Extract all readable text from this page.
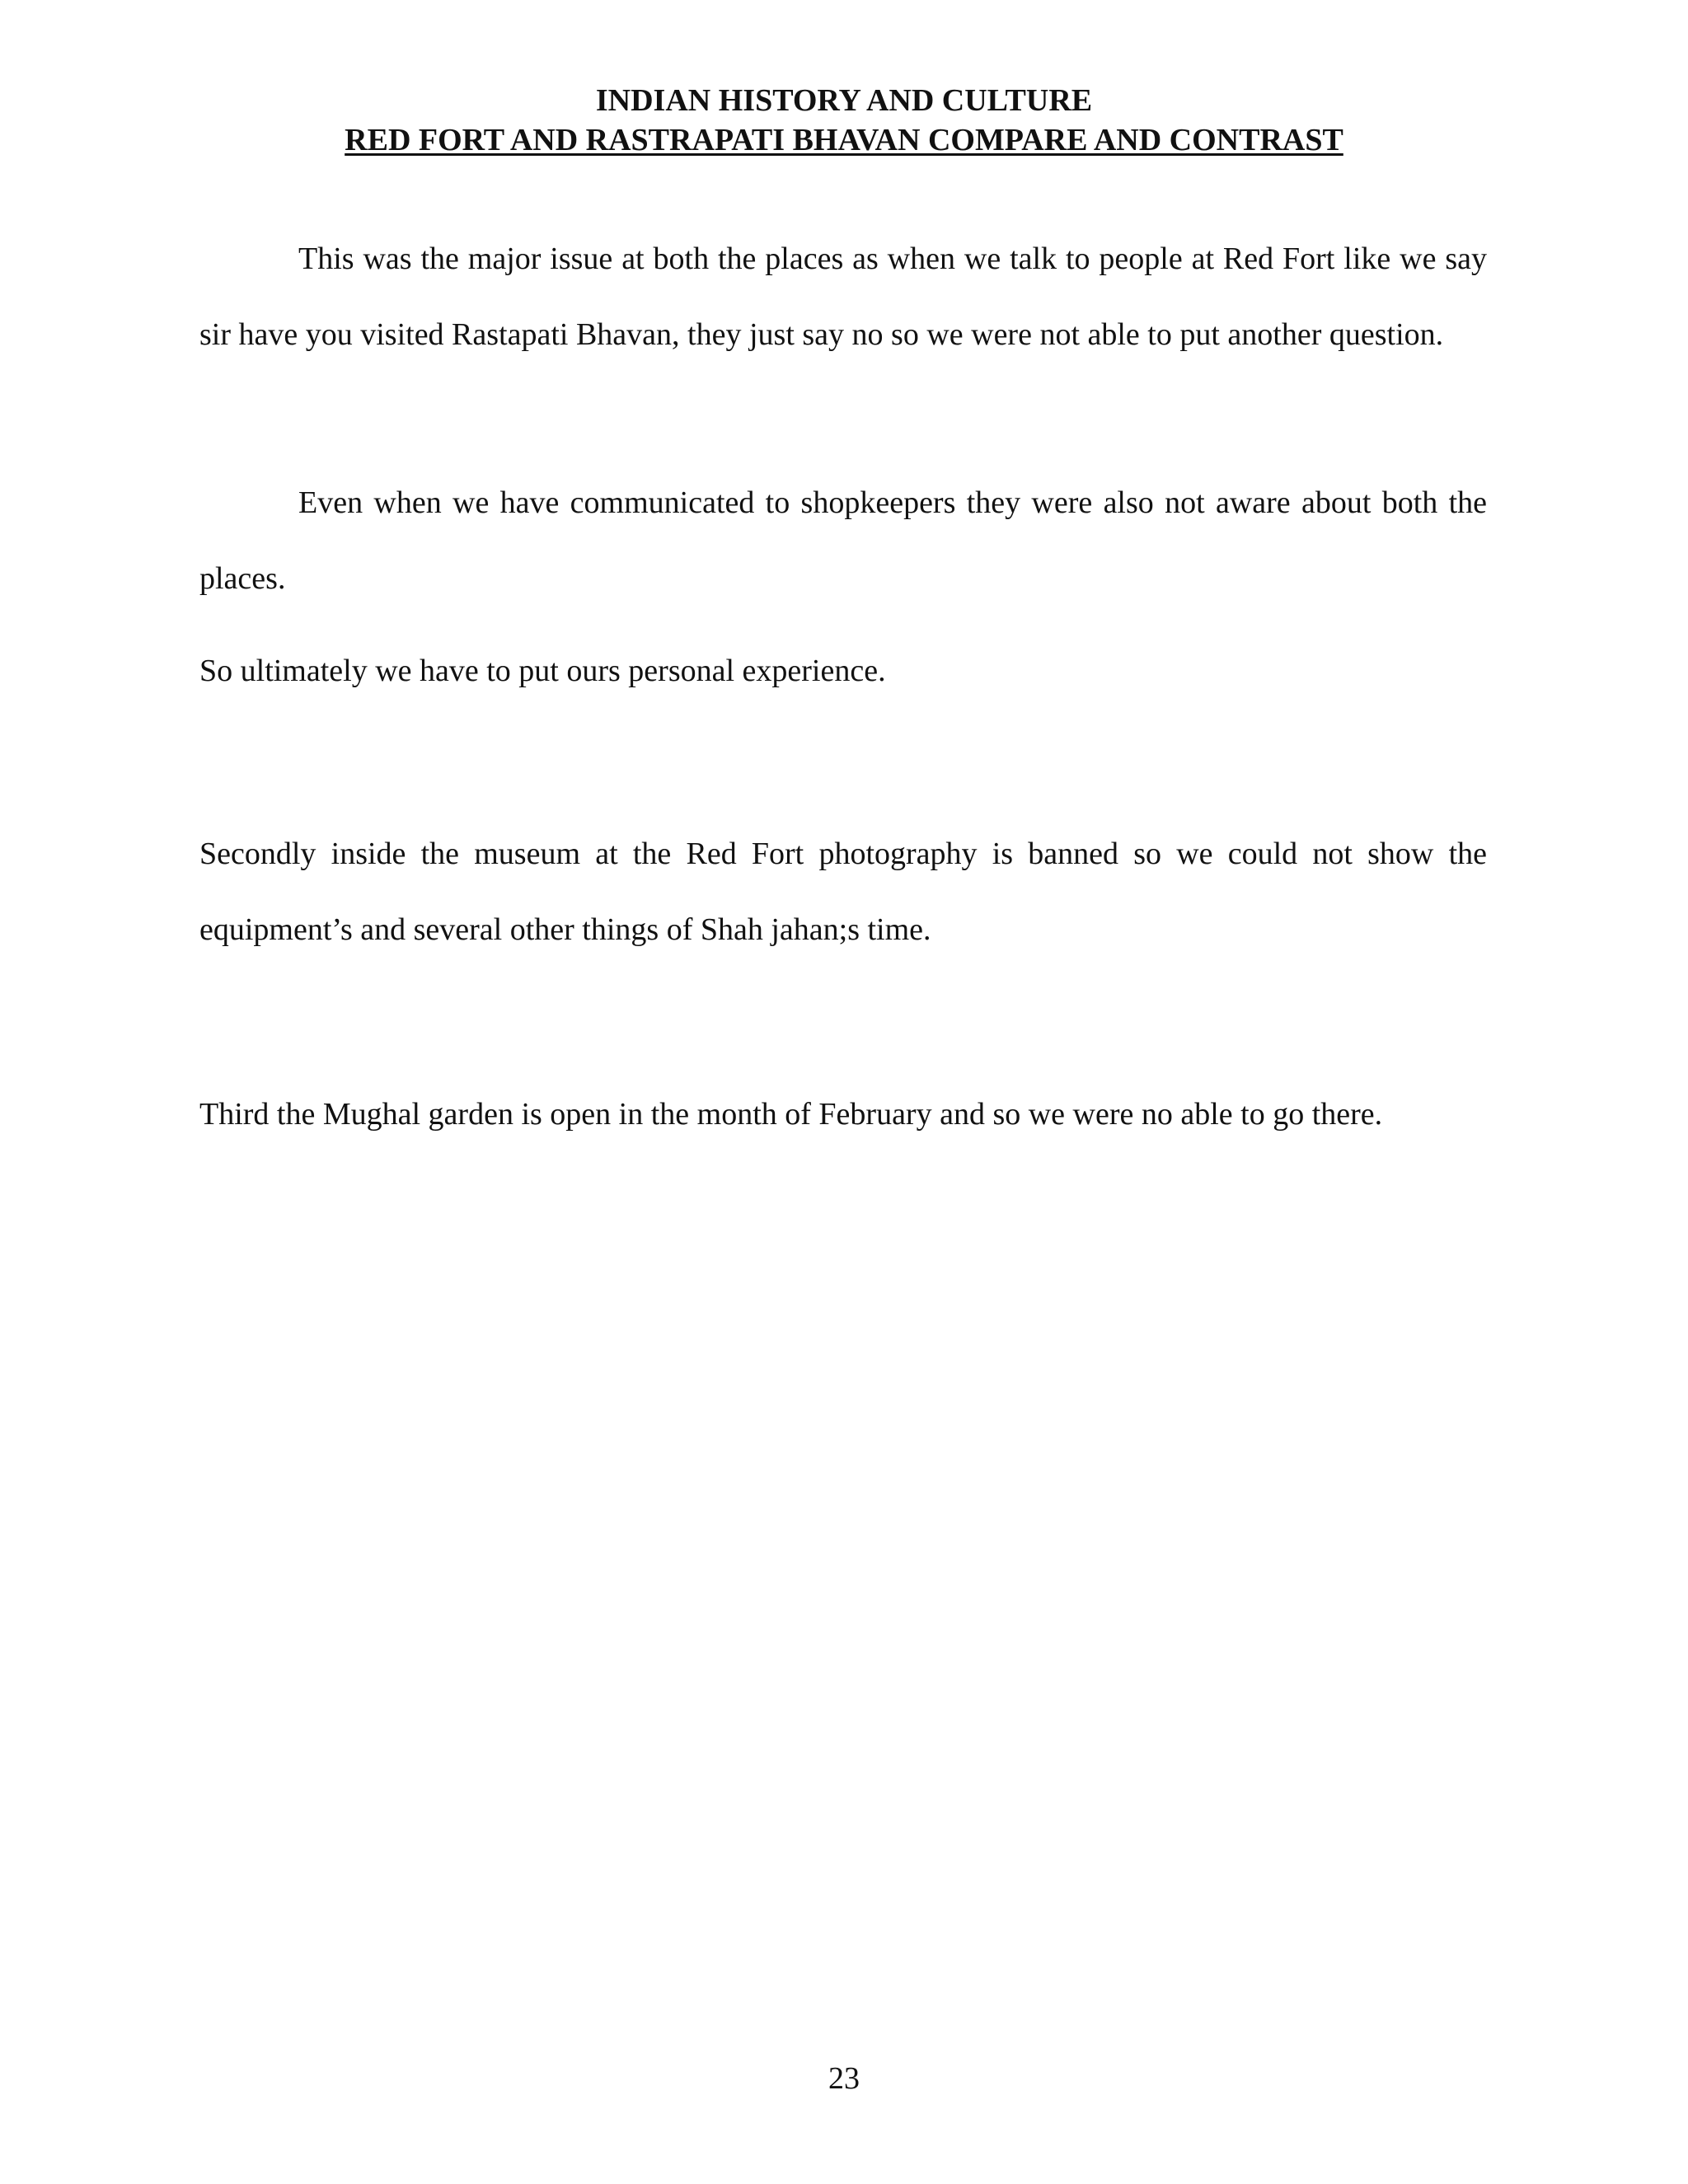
INDIAN HISTORY AND CULTURE
RED FORT AND RASTRAPATI BHAVAN COMPARE AND CONTRAST

This was the major issue at both the places as when we talk to people at Red Fort like we say sir have you visited Rastapati Bhavan, they just say no so we were not able to put another question.

Even when we have communicated to shopkeepers they were also not aware about both the places.

So ultimately we have to put ours personal experience.

Secondly inside the museum at the Red Fort photography is banned so we could not show the equipment’s and several other things of Shah jahan;s time.

Third the Mughal garden is open in the month of February and so we were no able to go there.

23
